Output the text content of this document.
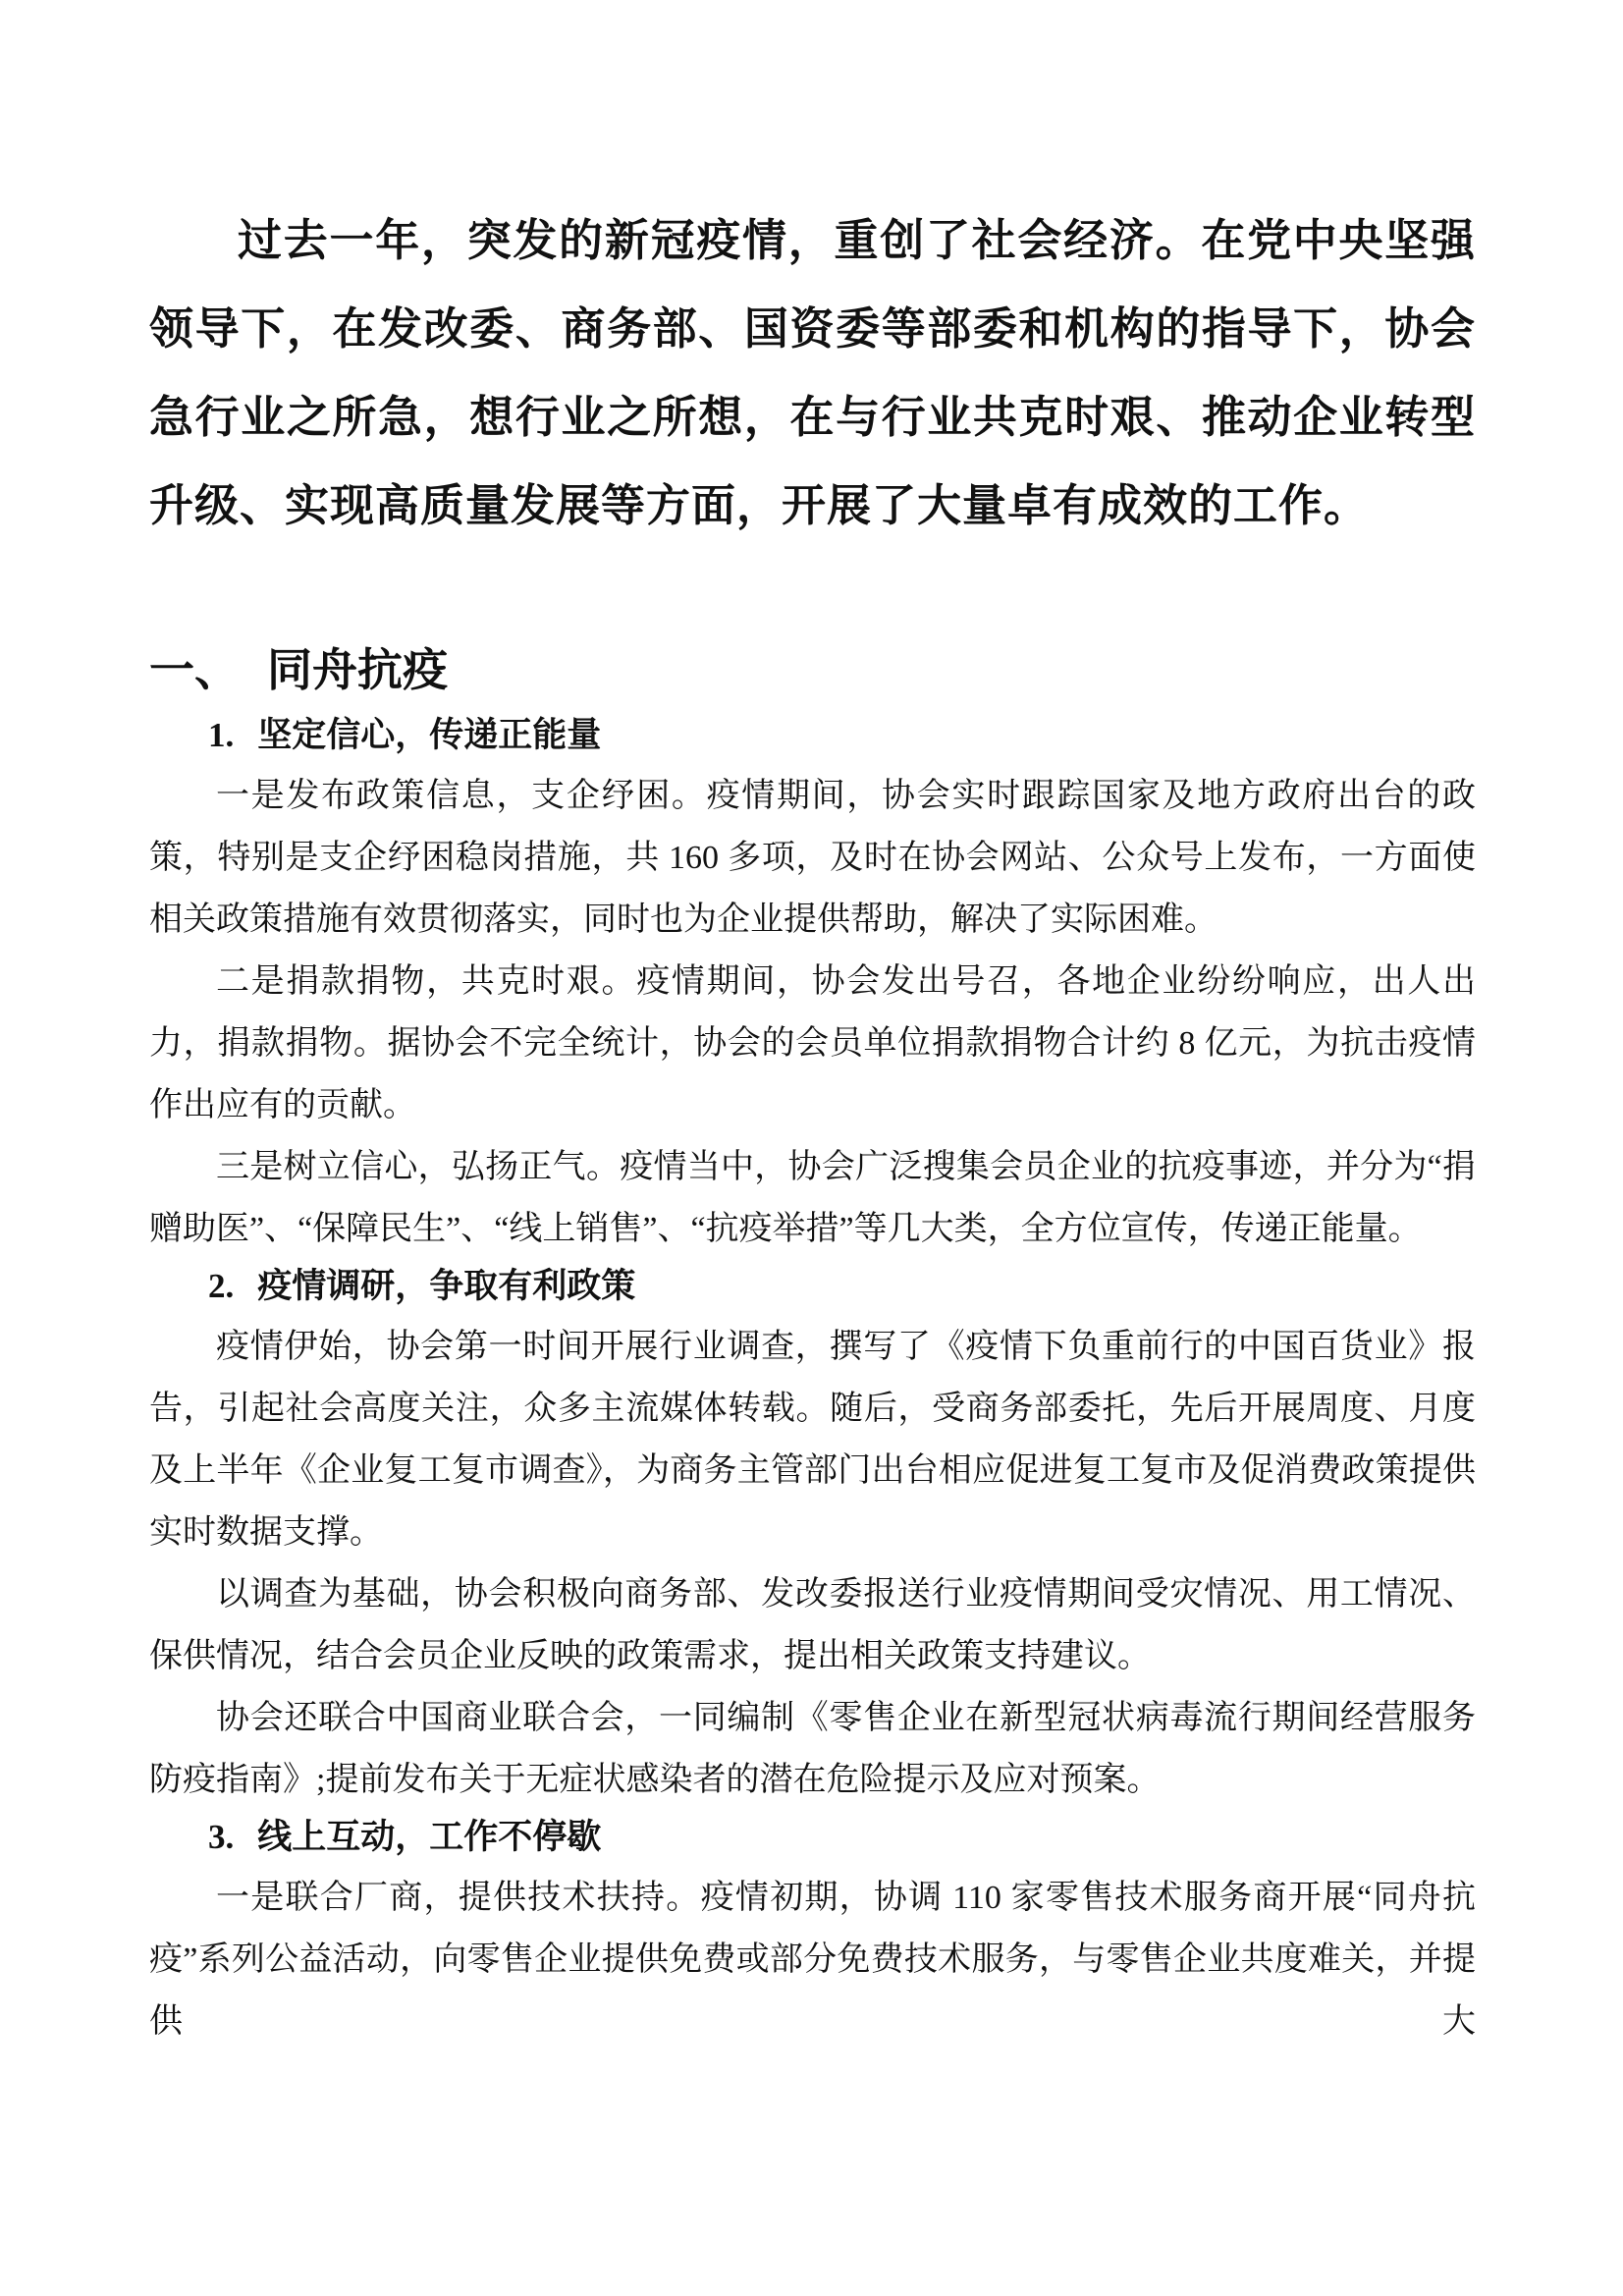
过去一年，突发的新冠疫情，重创了社会经济。在党中央坚强领导下，在发改委、商务部、国资委等部委和机构的指导下，协会急行业之所急，想行业之所想，在与行业共克时艰、推动企业转型升级、实现高质量发展等方面，开展了大量卓有成效的工作。

一、 同舟抗疫
1. 坚定信心，传递正能量

一是发布政策信息，支企纾困。疫情期间，协会实时跟踪国家及地方政府出台的政策，特别是支企纾困稳岗措施，共 160 多项，及时在协会网站、公众号上发布，一方面使相关政策措施有效贯彻落实，同时也为企业提供帮助，解决了实际困难。

二是捐款捐物，共克时艰。疫情期间，协会发出号召，各地企业纷纷响应，出人出力，捐款捐物。据协会不完全统计，协会的会员单位捐款捐物合计约 8 亿元，为抗击疫情作出应有的贡献。

三是树立信心，弘扬正气。疫情当中，协会广泛搜集会员企业的抗疫事迹，并分为“捐赠助医”、“保障民生”、“线上销售”、“抗疫举措”等几大类，全方位宣传，传递正能量。

2. 疫情调研，争取有利政策

疫情伊始，协会第一时间开展行业调查，撰写了《疫情下负重前行的中国百货业》报告，引起社会高度关注，众多主流媒体转载。随后，受商务部委托，先后开展周度、月度及上半年《企业复工复市调查》，为商务主管部门出台相应促进复工复市及促消费政策提供实时数据支撑。

以调查为基础，协会积极向商务部、发改委报送行业疫情期间受灾情况、用工情况、保供情况，结合会员企业反映的政策需求，提出相关政策支持建议。

协会还联合中国商业联合会，一同编制《零售企业在新型冠状病毒流行期间经营服务防疫指南》;提前发布关于无症状感染者的潜在危险提示及应对预案。

3. 线上互动，工作不停歇

一是联合厂商，提供技术扶持。疫情初期，协调 110 家零售技术服务商开展“同舟抗疫”系列公益活动，向零售企业提供免费或部分免费技术服务，与零售企业共度难关，并提供大
